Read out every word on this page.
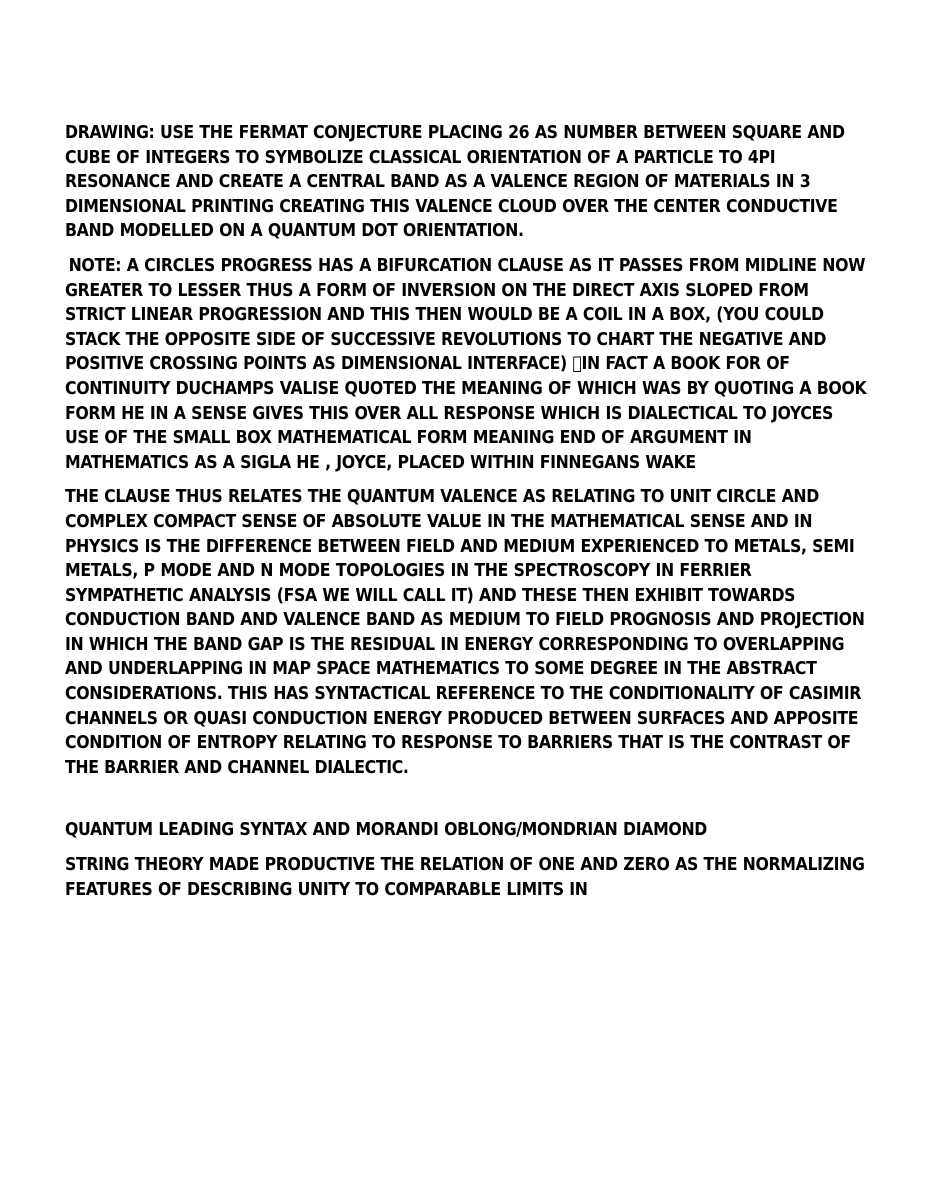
DRAWING: USE THE FERMAT CONJECTURE PLACING 26 AS NUMBER BETWEEN SQUARE AND CUBE OF INTEGERS TO SYMBOLIZE CLASSICAL ORIENTATION OF A PARTICLE TO 4PI RESONANCE AND CREATE A CENTRAL BAND AS A VALENCE REGION OF MATERIALS IN 3 DIMENSIONAL PRINTING CREATING THIS VALENCE CLOUD OVER THE CENTER CONDUCTIVE BAND MODELLED ON A QUANTUM DOT ORIENTATION.

NOTE: A CIRCLES PROGRESS HAS A BIFURCATION CLAUSE AS IT PASSES FROM MIDLINE NOW GREATER TO LESSER THUS A FORM OF INVERSION ON THE DIRECT AXIS SLOPED FROM STRICT LINEAR PROGRESSION AND THIS THEN WOULD BE A COIL IN A BOX, (YOU COULD STACK THE OPPOSITE SIDE OF SUCCESSIVE REVOLUTIONS TO CHART THE NEGATIVE AND POSITIVE CROSSING POINTS AS DIMENSIONAL INTERFACE)  IN FACT A BOOK FOR OF CONTINUITY DUCHAMPS VALISE QUOTED THE MEANING OF WHICH WAS BY QUOTING A BOOK FORM HE IN A SENSE GIVES THIS OVER ALL RESPONSE WHICH IS DIALECTICAL TO JOYCES USE OF THE SMALL BOX MATHEMATICAL FORM MEANING END OF ARGUMENT IN MATHEMATICS AS A SIGLA HE , JOYCE, PLACED WITHIN FINNEGANS WAKE

THE CLAUSE THUS RELATES THE QUANTUM VALENCE AS RELATING TO UNIT CIRCLE AND COMPLEX COMPACT SENSE OF ABSOLUTE VALUE IN THE MATHEMATICAL SENSE AND IN PHYSICS IS THE DIFFERENCE BETWEEN FIELD AND MEDIUM EXPERIENCED TO METALS, SEMI METALS, P MODE AND N MODE TOPOLOGIES IN THE SPECTROSCOPY IN FERRIER SYMPATHETIC ANALYSIS (FSA WE WILL CALL IT) AND THESE THEN EXHIBIT TOWARDS CONDUCTION BAND AND VALENCE BAND AS MEDIUM TO FIELD PROGNOSIS AND PROJECTION IN WHICH THE BAND GAP IS THE RESIDUAL IN ENERGY CORRESPONDING TO OVERLAPPING AND UNDERLAPPING IN MAP SPACE MATHEMATICS TO SOME DEGREE IN THE ABSTRACT CONSIDERATIONS. THIS HAS SYNTACTICAL REFERENCE TO THE CONDITIONALITY OF CASIMIR CHANNELS OR QUASI CONDUCTION ENERGY PRODUCED BETWEEN SURFACES AND APPOSITE CONDITION OF ENTROPY RELATING TO RESPONSE TO BARRIERS THAT IS THE CONTRAST OF THE BARRIER AND CHANNEL DIALECTIC.

QUANTUM LEADING SYNTAX AND MORANDI OBLONG/MONDRIAN DIAMOND

STRING THEORY MADE PRODUCTIVE THE RELATION OF ONE AND ZERO AS THE NORMALIZING FEATURES OF DESCRIBING UNITY TO COMPARABLE LIMITS IN
